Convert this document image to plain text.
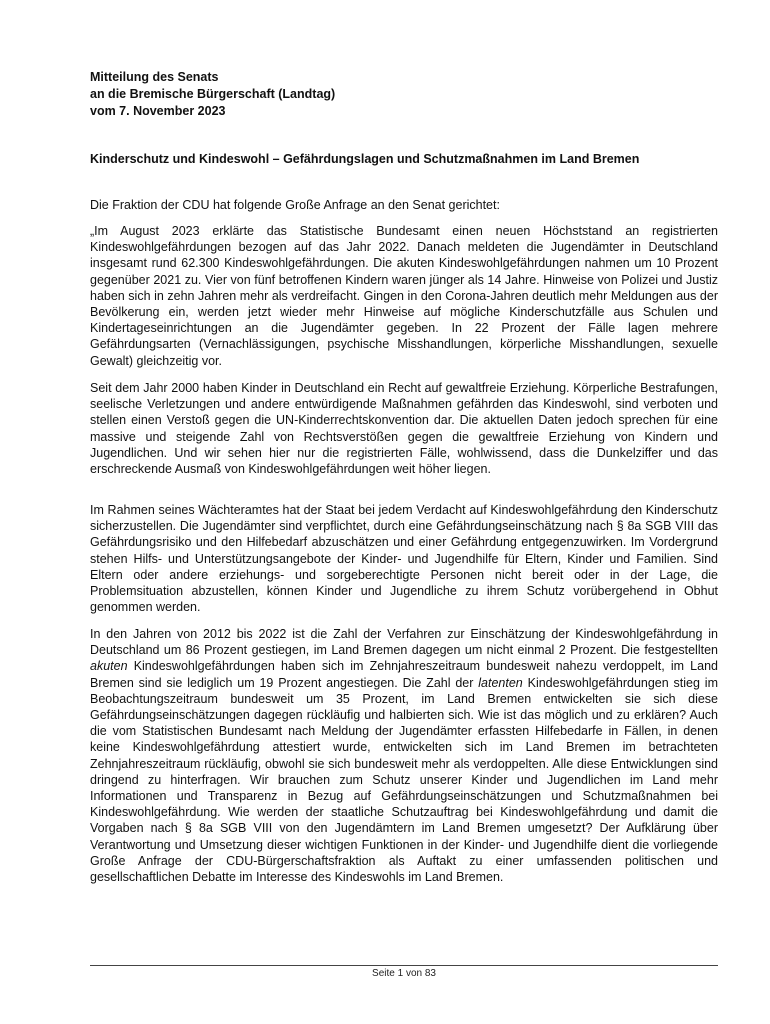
Mitteilung des Senats
an die Bremische Bürgerschaft (Landtag)
vom 7. November 2023
Kinderschutz und Kindeswohl – Gefährdungslagen und Schutzmaßnahmen im Land Bremen
Die Fraktion der CDU hat folgende Große Anfrage an den Senat gerichtet:
„Im August 2023 erklärte das Statistische Bundesamt einen neuen Höchststand an registrierten Kindeswohlgefährdungen bezogen auf das Jahr 2022. Danach meldeten die Jugendämter in Deutschland insgesamt rund 62.300 Kindeswohlgefährdungen. Die akuten Kindeswohlgefährdungen nahmen um 10 Prozent gegenüber 2021 zu. Vier von fünf betroffenen Kindern waren jünger als 14 Jahre. Hinweise von Polizei und Justiz haben sich in zehn Jahren mehr als verdreifacht. Gingen in den Corona-Jahren deutlich mehr Meldungen aus der Bevölkerung ein, werden jetzt wieder mehr Hinweise auf mögliche Kinderschutzfälle aus Schulen und Kindertageseinrichtungen an die Jugendämter gegeben. In 22 Prozent der Fälle lagen mehrere Gefährdungsarten (Vernachlässigungen, psychische Misshandlungen, körperliche Misshandlungen, sexuelle Gewalt) gleichzeitig vor.
Seit dem Jahr 2000 haben Kinder in Deutschland ein Recht auf gewaltfreie Erziehung. Körperliche Bestrafungen, seelische Verletzungen und andere entwürdigende Maßnahmen gefährden das Kindeswohl, sind verboten und stellen einen Verstoß gegen die UN-Kinderrechtskonvention dar. Die aktuellen Daten jedoch sprechen für eine massive und steigende Zahl von Rechtsverstößen gegen die gewaltfreie Erziehung von Kindern und Jugendlichen. Und wir sehen hier nur die registrierten Fälle, wohlwissend, dass die Dunkelziffer und das erschreckende Ausmaß von Kindeswohlgefährdungen weit höher liegen.
Im Rahmen seines Wächteramtes hat der Staat bei jedem Verdacht auf Kindeswohlgefährdung den Kinderschutz sicherzustellen. Die Jugendämter sind verpflichtet, durch eine Gefährdungseinschätzung nach § 8a SGB VIII das Gefährdungsrisiko und den Hilfebedarf abzuschätzen und einer Gefährdung entgegenzuwirken. Im Vordergrund stehen Hilfs- und Unterstützungsangebote der Kinder- und Jugendhilfe für Eltern, Kinder und Familien. Sind Eltern oder andere erziehungs- und sorgeberechtigte Personen nicht bereit oder in der Lage, die Problemsituation abzustellen, können Kinder und Jugendliche zu ihrem Schutz vorübergehend in Obhut genommen werden.
In den Jahren von 2012 bis 2022 ist die Zahl der Verfahren zur Einschätzung der Kindeswohlgefährdung in Deutschland um 86 Prozent gestiegen, im Land Bremen dagegen um nicht einmal 2 Prozent. Die festgestellten akuten Kindeswohlgefährdungen haben sich im Zehnjahreszeitraum bundesweit nahezu verdoppelt, im Land Bremen sind sie lediglich um 19 Prozent angestiegen. Die Zahl der latenten Kindeswohlgefährdungen stieg im Beobachtungszeitraum bundesweit um 35 Prozent, im Land Bremen entwickelten sie sich diese Gefährdungseinschätzungen dagegen rückläufig und halbierten sich. Wie ist das möglich und zu erklären? Auch die vom Statistischen Bundesamt nach Meldung der Jugendämter erfassten Hilfebedarfe in Fällen, in denen keine Kindeswohlgefährdung attestiert wurde, entwickelten sich im Land Bremen im betrachteten Zehnjahreszeitraum rückläufig, obwohl sie sich bundesweit mehr als verdoppelten. Alle diese Entwicklungen sind dringend zu hinterfragen. Wir brauchen zum Schutz unserer Kinder und Jugendlichen im Land mehr Informationen und Transparenz in Bezug auf Gefährdungseinschätzungen und Schutzmaßnahmen bei Kindeswohlgefährdung. Wie werden der staatliche Schutzauftrag bei Kindeswohlgefährdung und damit die Vorgaben nach § 8a SGB VIII von den Jugendämtern im Land Bremen umgesetzt? Der Aufklärung über Verantwortung und Umsetzung dieser wichtigen Funktionen in der Kinder- und Jugendhilfe dient die vorliegende Große Anfrage der CDU-Bürgerschaftsfraktion als Auftakt zu einer umfassenden politischen und gesellschaftlichen Debatte im Interesse des Kindeswohls im Land Bremen.
Seite 1 von 83
